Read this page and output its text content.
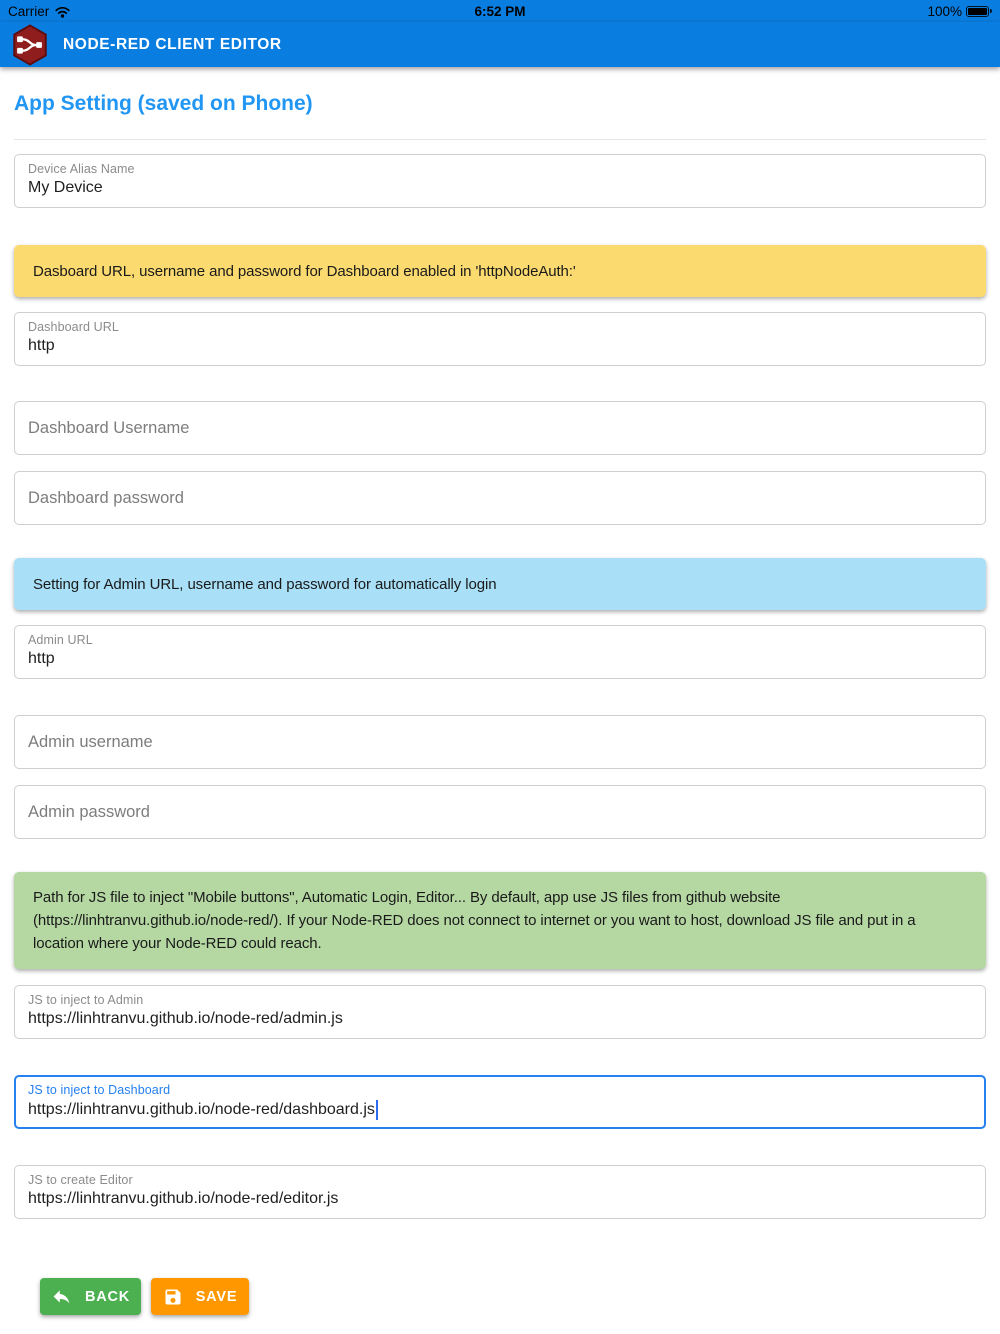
Carrier	6:52 PM	100%
NODE-RED CLIENT EDITOR
App Setting (saved on Phone)
Device Alias Name
My Device
Dasboard URL, username and password for Dashboard enabled in 'httpNodeAuth:'
Dashboard URL
http
Dashboard Username
Dashboard password
Setting for Admin URL, username and password for automatically login
Admin URL
http
Admin username
Admin password
Path for JS file to inject "Mobile buttons", Automatic Login, Editor... By default, app use JS files from github website (https://linhtranvu.github.io/node-red/). If your Node-RED does not connect to internet or you want to host, download JS file and put in a location where your Node-RED could reach.
JS to inject to Admin
https://linhtranvu.github.io/node-red/admin.js
JS to inject to Dashboard
https://linhtranvu.github.io/node-red/dashboard.js
JS to create Editor
https://linhtranvu.github.io/node-red/editor.js
BACK	SAVE
